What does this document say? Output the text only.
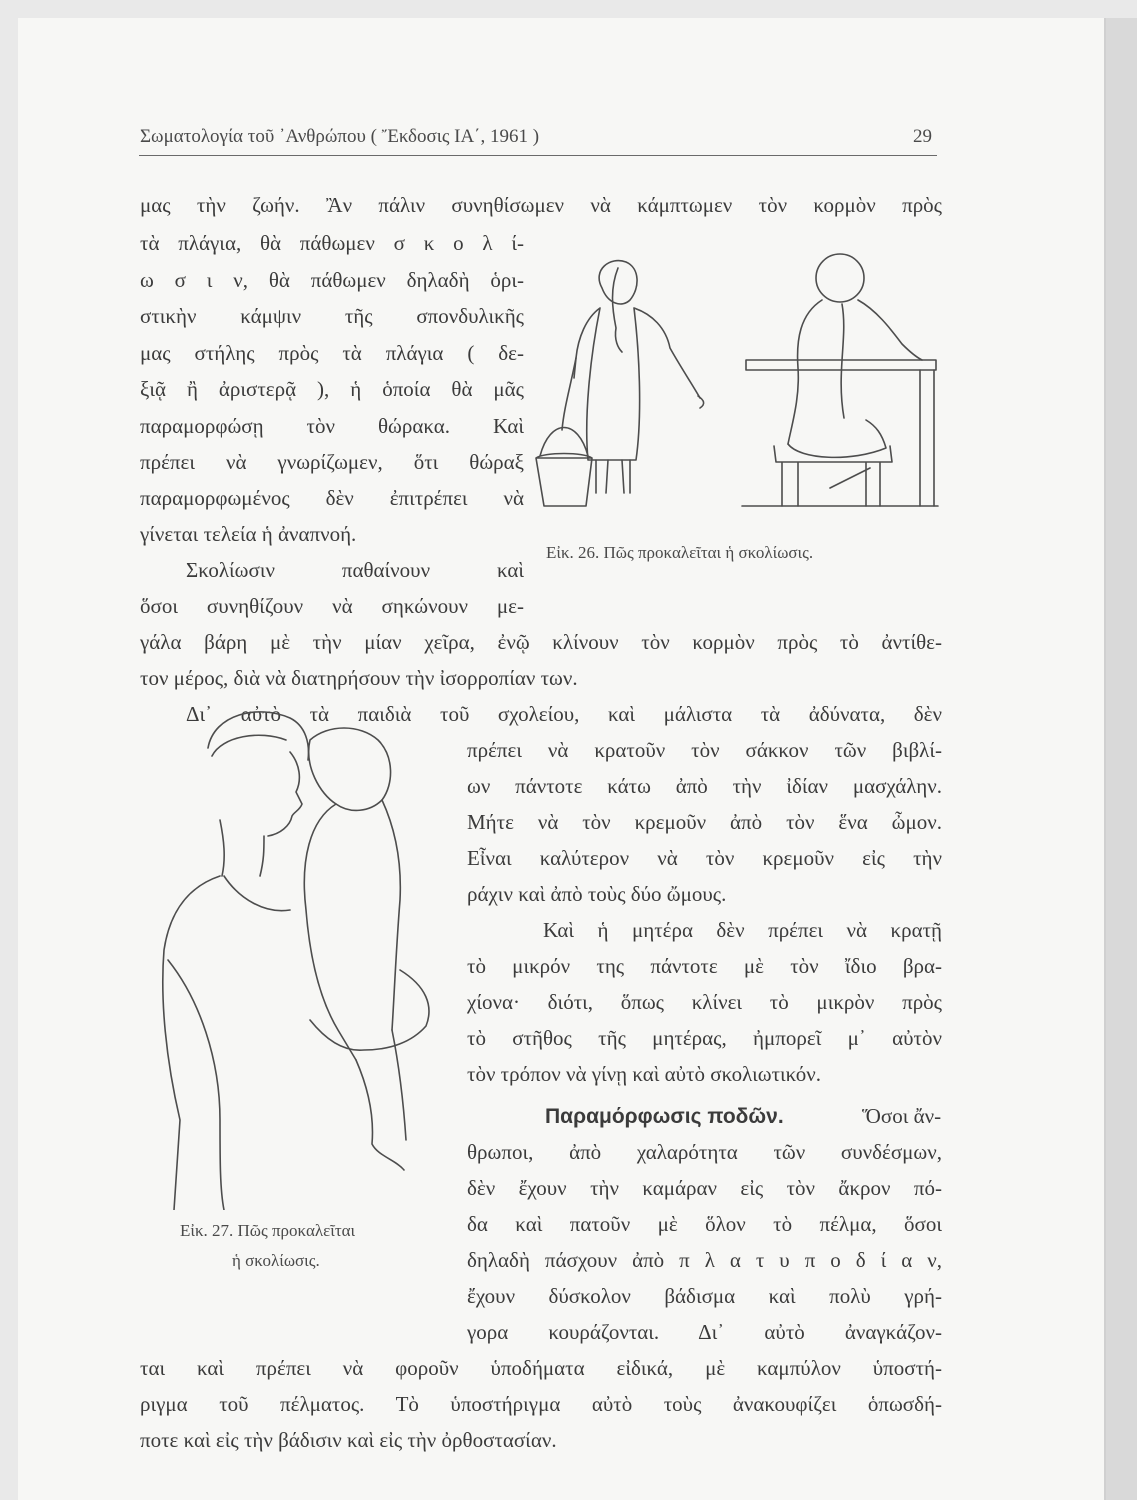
Σωματολογία τοῦ ᾽Ανθρώπου ( Ἔκδοσις ΙΑ΄, 1961 )	29
μας τὴν ζωήν. Ἂν πάλιν συνηθίσωμεν νὰ κάμπτωμεν τὸν κορμὸν πρὸς
τὰ πλάγια, θὰ πάθωμεν σ κ ο λ ί-
ω σ ι ν, θὰ πάθωμεν δηλαδὴ ὁρι-
στικὴν κάμψιν τῆς σπονδυλικῆς
μας στήλης πρὸς τὰ πλάγια ( δε-
ξιᾷ ἢ ἀριστερᾷ ), ἡ ὁποία θὰ μᾶς
παραμορφώσῃ τὸν θώρακα. Καὶ
πρέπει νὰ γνωρίζωμεν, ὅτι θώραξ
παραμορφωμένος δὲν ἐπιτρέπει νὰ
γίνεται τελεία ἡ ἀναπνοή.
Σκολίωσιν παθαίνουν καὶ
ὅσοι συνηθίζουν νὰ σηκώνουν με-
γάλα βάρη μὲ τὴν μίαν χεῖρα, ἐνῷ κλίνουν τὸν κορμὸν πρὸς τὸ ἀντίθε-
τον μέρος, διὰ νὰ διατηρήσουν τὴν ἰσορροπίαν των.
Δι᾽ αὐτὸ τὰ παιδιὰ τοῦ σχολείου, καὶ μάλιστα τὰ ἀδύνατα, δὲν
πρέπει νὰ κρατοῦν τὸν σάκκον τῶν βιβλί-
ων πάντοτε κάτω ἀπὸ τὴν ἰδίαν μασχάλην.
Μήτε νὰ τὸν κρεμοῦν ἀπὸ τὸν ἕνα ὦμον.
Εἶναι καλύτερον νὰ τὸν κρεμοῦν εἰς τὴν
ράχιν καὶ ἀπὸ τοὺς δύο ὤμους.
Καὶ ἡ μητέρα δὲν πρέπει νὰ κρατῇ
τὸ μικρόν της πάντοτε μὲ τὸν ἴδιο βρα-
χίονα· διότι, ὅπως κλίνει τὸ μικρὸν πρὸς
τὸ στῆθος τῆς μητέρας, ἠμπορεῖ μ᾽ αὐτὸν
τὸν τρόπον νὰ γίνῃ καὶ αὐτὸ σκολιωτικόν.
Παραμόρφωσις ποδῶν.	Ὅσοι ἄν-
θρωποι, ἀπὸ χαλαρότητα τῶν συνδέσμων,
δὲν ἔχουν τὴν καμάραν εἰς τὸν ἄκρον πό-
δα καὶ πατοῦν μὲ ὅλον τὸ πέλμα, ὅσοι
δηλαδὴ πάσχουν ἀπὸ π λ α τ υ π ο δ ί α ν,
ἔχουν δύσκολον βάδισμα καὶ πολὺ γρή-
γορα κουράζονται. Δι᾽ αὐτὸ ἀναγκάζον-
ται καὶ πρέπει νὰ φοροῦν ὑποδήματα εἰδικά, μὲ καμπύλον ὑποστή-
ριγμα τοῦ πέλματος. Τὸ ὑποστήριγμα αὐτὸ τοὺς ἀνακουφίζει ὁπωσδή-
ποτε καὶ εἰς τὴν βάδισιν καὶ εἰς τὴν ὀρθοστασίαν.
Εἰκ. 26. Πῶς προκαλεῖται ἡ σκολίωσις.
Εἰκ. 27. Πῶς προκαλεῖται
ἡ σκολίωσις.
